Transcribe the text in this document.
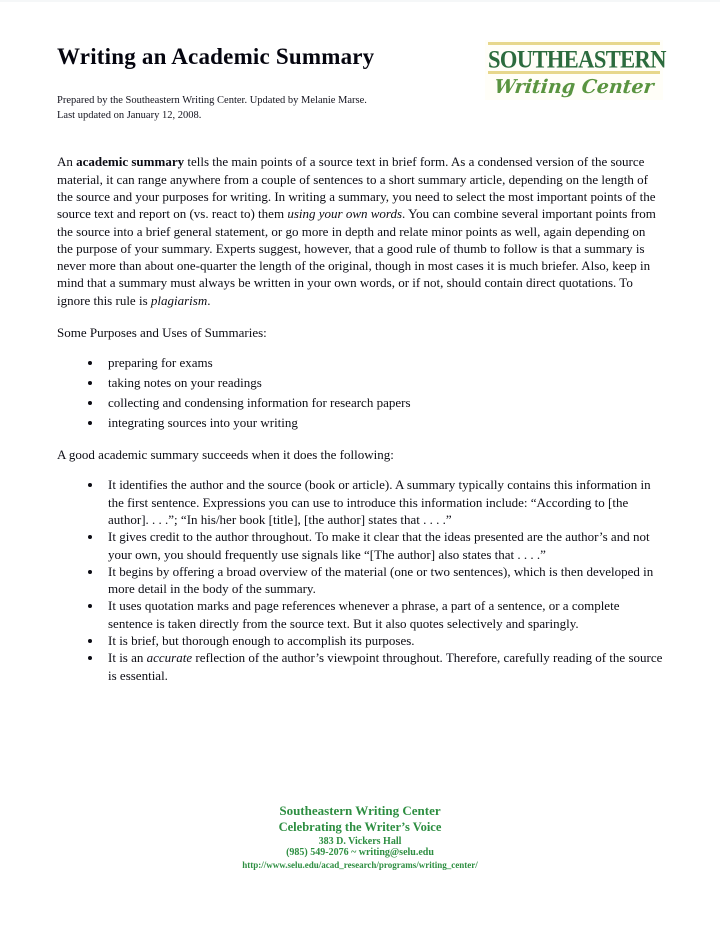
Writing an Academic Summary

Prepared by the Southeastern Writing Center. Updated by Melanie Marse.
Last updated on January 12, 2008.

SOUTHEASTERN
Writing Center

An academic summary tells the main points of a source text in brief form. As a condensed version of the source material, it can range anywhere from a couple of sentences to a short summary article, depending on the length of the source and your purposes for writing. In writing a summary, you need to select the most important points of the source text and report on (vs. react to) them using your own words. You can combine several important points from the source into a brief general statement, or go more in depth and relate minor points as well, again depending on the purpose of your summary. Experts suggest, however, that a good rule of thumb to follow is that a summary is never more than about one-quarter the length of the original, though in most cases it is much briefer. Also, keep in mind that a summary must always be written in your own words, or if not, should contain direct quotations. To ignore this rule is plagiarism.

Some Purposes and Uses of Summaries:

• preparing for exams
• taking notes on your readings
• collecting and condensing information for research papers
• integrating sources into your writing

A good academic summary succeeds when it does the following:

• It identifies the author and the source (book or article). A summary typically contains this information in the first sentence. Expressions you can use to introduce this information include: “According to [the author]. . . .”; “In his/her book [title], [the author] states that . . . .”
• It gives credit to the author throughout. To make it clear that the ideas presented are the author’s and not your own, you should frequently use signals like “[The author] also states that . . . .”
• It begins by offering a broad overview of the material (one or two sentences), which is then developed in more detail in the body of the summary.
• It uses quotation marks and page references whenever a phrase, a part of a sentence, or a complete sentence is taken directly from the source text. But it also quotes selectively and sparingly.
• It is brief, but thorough enough to accomplish its purposes.
• It is an accurate reflection of the author’s viewpoint throughout. Therefore, carefully reading of the source is essential.
Southeastern Writing Center
Celebrating the Writer’s Voice
383 D. Vickers Hall
(985) 549-2076 ~ writing@selu.edu
http://www.selu.edu/acad_research/programs/writing_center/
